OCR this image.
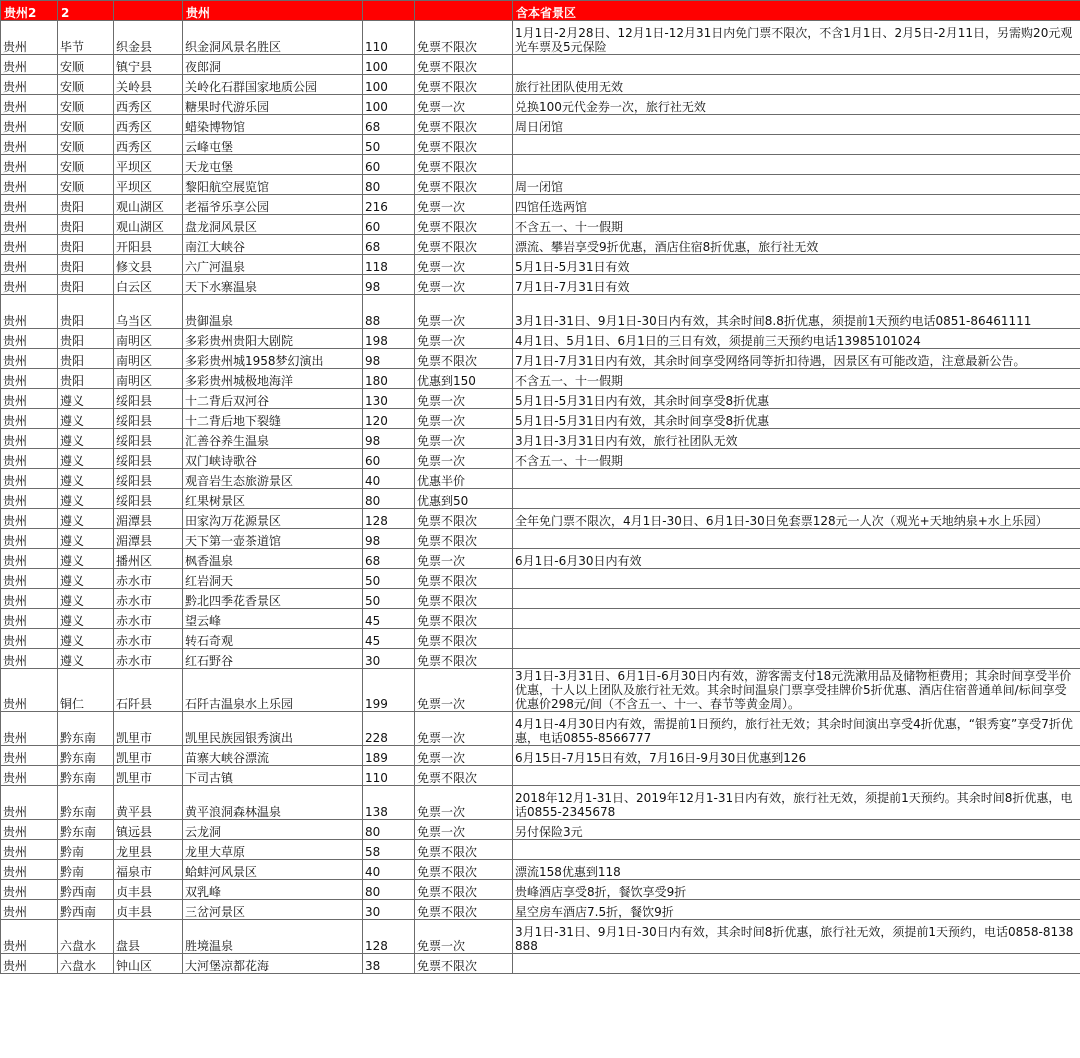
贵州2	2		贵州			含本省景区
贵州	毕节	织金县	织金洞风景名胜区	110	免票不限次	1月1日-2月28日、12月1日-12月31日内免门票不限次，不含1月1日、2月5日-2月11日，另需购20元观光车票及5元保险
贵州	安顺	镇宁县	夜郎洞	100	免票不限次	
贵州	安顺	关岭县	关岭化石群国家地质公园	100	免票不限次	旅行社团队使用无效
贵州	安顺	西秀区	糖果时代游乐园	100	免票一次	兑换100元代金券一次，旅行社无效
贵州	安顺	西秀区	蜡染博物馆	68	免票不限次	周日闭馆
贵州	安顺	西秀区	云峰屯堡	50	免票不限次	
贵州	安顺	平坝区	天龙屯堡	60	免票不限次	
贵州	安顺	平坝区	黎阳航空展览馆	80	免票不限次	周一闭馆
贵州	贵阳	观山湖区	老福爷乐享公园	216	免票一次	四馆任选两馆
贵州	贵阳	观山湖区	盘龙洞风景区	60	免票不限次	不含五一、十一假期
贵州	贵阳	开阳县	南江大峡谷	68	免票不限次	漂流、攀岩享受9折优惠，酒店住宿8折优惠，旅行社无效
贵州	贵阳	修文县	六广河温泉	118	免票一次	5月1日-5月31日有效
贵州	贵阳	白云区	天下水寨温泉	98	免票一次	7月1日-7月31日有效
贵州	贵阳	乌当区	贵御温泉	88	免票一次	3月1日-31日、9月1日-30日内有效，其余时间8.8折优惠，须提前1天预约电话0851-86461111
贵州	贵阳	南明区	多彩贵州贵阳大剧院	198	免票一次	4月1日、5月1日、6月1日的三日有效，须提前三天预约电话13985101024
贵州	贵阳	南明区	多彩贵州城1958梦幻演出	98	免票不限次	7月1日-7月31日内有效，其余时间享受网络同等折扣待遇，因景区有可能改造，注意最新公告。
贵州	贵阳	南明区	多彩贵州城极地海洋	180	优惠到150	不含五一、十一假期
贵州	遵义	绥阳县	十二背后双河谷	130	免票一次	5月1日-5月31日内有效，其余时间享受8折优惠
贵州	遵义	绥阳县	十二背后地下裂缝	120	免票一次	5月1日-5月31日内有效，其余时间享受8折优惠
贵州	遵义	绥阳县	汇善谷养生温泉	98	免票一次	3月1日-3月31日内有效，旅行社团队无效
贵州	遵义	绥阳县	双门峡诗歌谷	60	免票一次	不含五一、十一假期
贵州	遵义	绥阳县	观音岩生态旅游景区	40	优惠半价	
贵州	遵义	绥阳县	红果树景区	80	优惠到50	
贵州	遵义	湄潭县	田家沟万花源景区	128	免票不限次	全年免门票不限次，4月1日-30日、6月1日-30日免套票128元一人次（观光+天地纳泉+水上乐园）
贵州	遵义	湄潭县	天下第一壶茶道馆	98	免票不限次	
贵州	遵义	播州区	枫香温泉	68	免票一次	6月1日-6月30日内有效
贵州	遵义	赤水市	红岩洞天	50	免票不限次	
贵州	遵义	赤水市	黔北四季花香景区	50	免票不限次	
贵州	遵义	赤水市	望云峰	45	免票不限次	
贵州	遵义	赤水市	转石奇观	45	免票不限次	
贵州	遵义	赤水市	红石野谷	30	免票不限次	
贵州	铜仁	石阡县	石阡古温泉水上乐园	199	免票一次	3月1日-3月31日、6月1日-6月30日内有效，游客需支付18元洗漱用品及储物柜费用；其余时间享受半价优惠，十人以上团队及旅行社无效。其余时间温泉门票享受挂牌价5折优惠、酒店住宿普通单间/标间享受优惠价298元/间（不含五一、十一、春节等黄金周）。
贵州	黔东南	凯里市	凯里民族园银秀演出	228	免票一次	4月1日-4月30日内有效，需提前1日预约，旅行社无效；其余时间演出享受4折优惠，“银秀宴”享受7折优惠，电话0855-8566777
贵州	黔东南	凯里市	苗寨大峡谷漂流	189	免票一次	6月15日-7月15日有效，7月16日-9月30日优惠到126
贵州	黔东南	凯里市	下司古镇	110	免票不限次	
贵州	黔东南	黄平县	黄平浪洞森林温泉	138	免票一次	2018年12月1-31日、2019年12月1-31日内有效，旅行社无效，须提前1天预约。其余时间8折优惠，电话0855-2345678
贵州	黔东南	镇远县	云龙洞	80	免票一次	另付保险3元
贵州	黔南	龙里县	龙里大草原	58	免票不限次	
贵州	黔南	福泉市	蛤蚌河风景区	40	免票不限次	漂流158优惠到118
贵州	黔西南	贞丰县	双乳峰	80	免票不限次	贵峰酒店享受8折，餐饮享受9折
贵州	黔西南	贞丰县	三岔河景区	30	免票不限次	星空房车酒店7.5折，餐饮9折
贵州	六盘水	盘县	胜境温泉	128	免票一次	3月1日-31日、9月1日-30日内有效，其余时间8折优惠，旅行社无效，须提前1天预约，电话0858-8138888
贵州	六盘水	钟山区	大河堡凉都花海	38	免票不限次	
